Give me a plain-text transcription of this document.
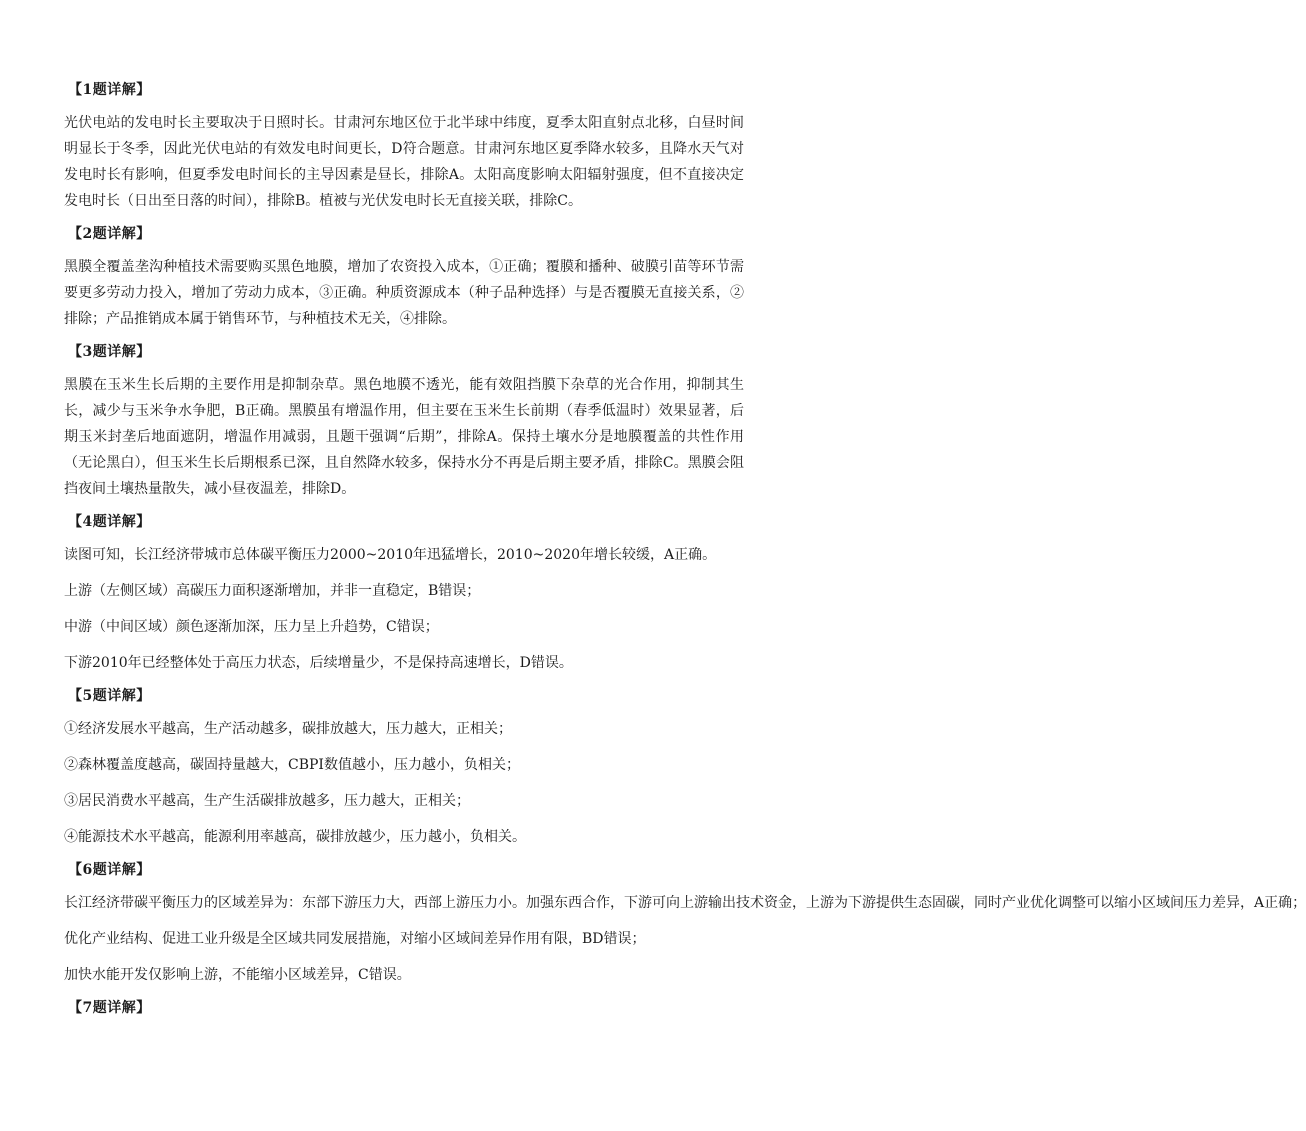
【1题详解】
光伏电站的发电时长主要取决于日照时长。甘肃河东地区位于北半球中纬度，夏季太阳直射点北移，白昼时间明显长于冬季，因此光伏电站的有效发电时间更长，D符合题意。甘肃河东地区夏季降水较多，且降水天气对发电时长有影响，但夏季发电时间长的主导因素是昼长，排除A。太阳高度影响太阳辐射强度，但不直接决定发电时长（日出至日落的时间），排除B。植被与光伏发电时长无直接关联，排除C。
【2题详解】
黑膜全覆盖垄沟种植技术需要购买黑色地膜，增加了农资投入成本，①正确；覆膜和播种、破膜引苗等环节需要更多劳动力投入，增加了劳动力成本，③正确。种质资源成本（种子品种选择）与是否覆膜无直接关系，②排除；产品推销成本属于销售环节，与种植技术无关，④排除。
【3题详解】
黑膜在玉米生长后期的主要作用是抑制杂草。黑色地膜不透光，能有效阻挡膜下杂草的光合作用，抑制其生长，减少与玉米争水争肥，B正确。黑膜虽有增温作用，但主要在玉米生长前期（春季低温时）效果显著，后期玉米封垄后地面遮阴，增温作用减弱，且题干强调“后期”，排除A。保持土壤水分是地膜覆盖的共性作用（无论黑白），但玉米生长后期根系已深，且自然降水较多，保持水分不再是后期主要矛盾，排除C。黑膜会阻挡夜间土壤热量散失，减小昼夜温差，排除D。
【4题详解】
读图可知，长江经济带城市总体碳平衡压力2000~2010年迅猛增长，2010~2020年增长较缓，A正确。
上游（左侧区域）高碳压力面积逐渐增加，并非一直稳定，B错误；
中游（中间区域）颜色逐渐加深，压力呈上升趋势，C错误；
下游2010年已经整体处于高压力状态，后续增量少，不是保持高速增长，D错误。
【5题详解】
①经济发展水平越高，生产活动越多，碳排放越大，压力越大，正相关；
②森林覆盖度越高，碳固持量越大，CBPI数值越小，压力越小，负相关；
③居民消费水平越高，生产生活碳排放越多，压力越大，正相关；
④能源技术水平越高，能源利用率越高，碳排放越少，压力越小，负相关。
【6题详解】
长江经济带碳平衡压力的区域差异为：东部下游压力大，西部上游压力小。加强东西合作，下游可向上游输出技术资金，上游为下游提供生态固碳，同时产业优化调整可以缩小区域间压力差异，A正确；
优化产业结构、促进工业升级是全区域共同发展措施，对缩小区域间差异作用有限，BD错误；
加快水能开发仅影响上游，不能缩小区域差异，C错误。
【7题详解】
